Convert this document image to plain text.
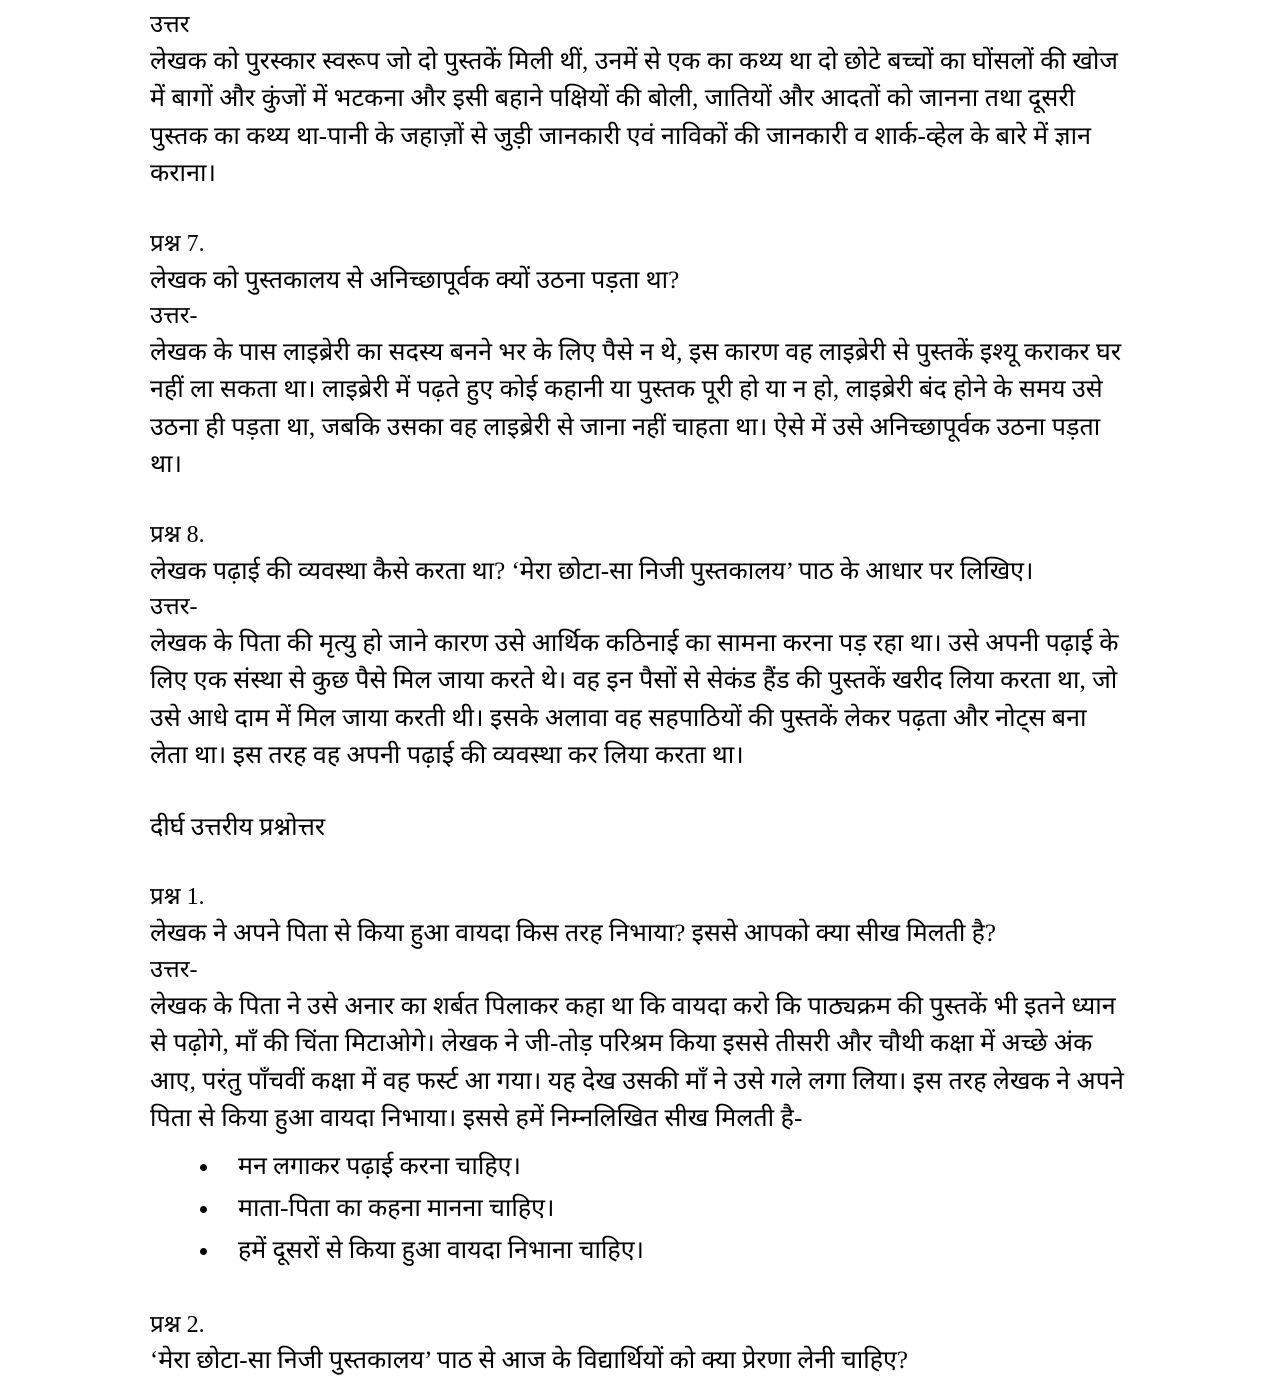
उत्तर

लेखक को पुरस्कार स्वरूप जो दो पुस्तकें मिली थीं, उनमें से एक का कथ्य था दो छोटे बच्चों का घोंसलों की खोज में बागों और कुंजों में भटकना और इसी बहाने पक्षियों की बोली, जातियों और आदतों को जानना तथा दूसरी पुस्तक का कथ्य था-पानी के जहाज़ों से जुड़ी जानकारी एवं नाविकों की जानकारी व शार्क-व्हेल के बारे में ज्ञान कराना।

प्रश्न 7.

लेखक को पुस्तकालय से अनिच्छापूर्वक क्यों उठना पड़ता था?

उत्तर-

लेखक के पास लाइब्रेरी का सदस्य बनने भर के लिए पैसे न थे, इस कारण वह लाइब्रेरी से पुस्तकें इश्यू कराकर घर नहीं ला सकता था। लाइब्रेरी में पढ़ते हुए कोई कहानी या पुस्तक पूरी हो या न हो, लाइब्रेरी बंद होने के समय उसे उठना ही पड़ता था, जबकि उसका वह लाइब्रेरी से जाना नहीं चाहता था। ऐसे में उसे अनिच्छापूर्वक उठना पड़ता था।

प्रश्न 8.

लेखक पढ़ाई की व्यवस्था कैसे करता था? ‘मेरा छोटा-सा निजी पुस्तकालय’ पाठ के आधार पर लिखिए।

उत्तर-

लेखक के पिता की मृत्यु हो जाने कारण उसे आर्थिक कठिनाई का सामना करना पड़ रहा था। उसे अपनी पढ़ाई के लिए एक संस्था से कुछ पैसे मिल जाया करते थे। वह इन पैसों से सेकंड हैंड की पुस्तकें खरीद लिया करता था, जो उसे आधे दाम में मिल जाया करती थी। इसके अलावा वह सहपाठियों की पुस्तकें लेकर पढ़ता और नोट्स बना लेता था। इस तरह वह अपनी पढ़ाई की व्यवस्था कर लिया करता था।

दीर्घ उत्तरीय प्रश्नोत्तर

प्रश्न 1.

लेखक ने अपने पिता से किया हुआ वायदा किस तरह निभाया? इससे आपको क्या सीख मिलती है?

उत्तर-

लेखक के पिता ने उसे अनार का शर्बत पिलाकर कहा था कि वायदा करो कि पाठ्यक्रम की पुस्तकें भी इतने ध्यान से पढ़ोगे, माँ की चिंता मिटाओगे। लेखक ने जी-तोड़ परिश्रम किया इससे तीसरी और चौथी कक्षा में अच्छे अंक आए, परंतु पाँचवीं कक्षा में वह फर्स्ट आ गया। यह देख उसकी माँ ने उसे गले लगा लिया। इस तरह लेखक ने अपने पिता से किया हुआ वायदा निभाया। इससे हमें निम्नलिखित सीख मिलती है-

• मन लगाकर पढ़ाई करना चाहिए।
• माता-पिता का कहना मानना चाहिए।
• हमें दूसरों से किया हुआ वायदा निभाना चाहिए।

प्रश्न 2.

‘मेरा छोटा-सा निजी पुस्तकालय’ पाठ से आज के विद्यार्थियों को क्या प्रेरणा लेनी चाहिए?
